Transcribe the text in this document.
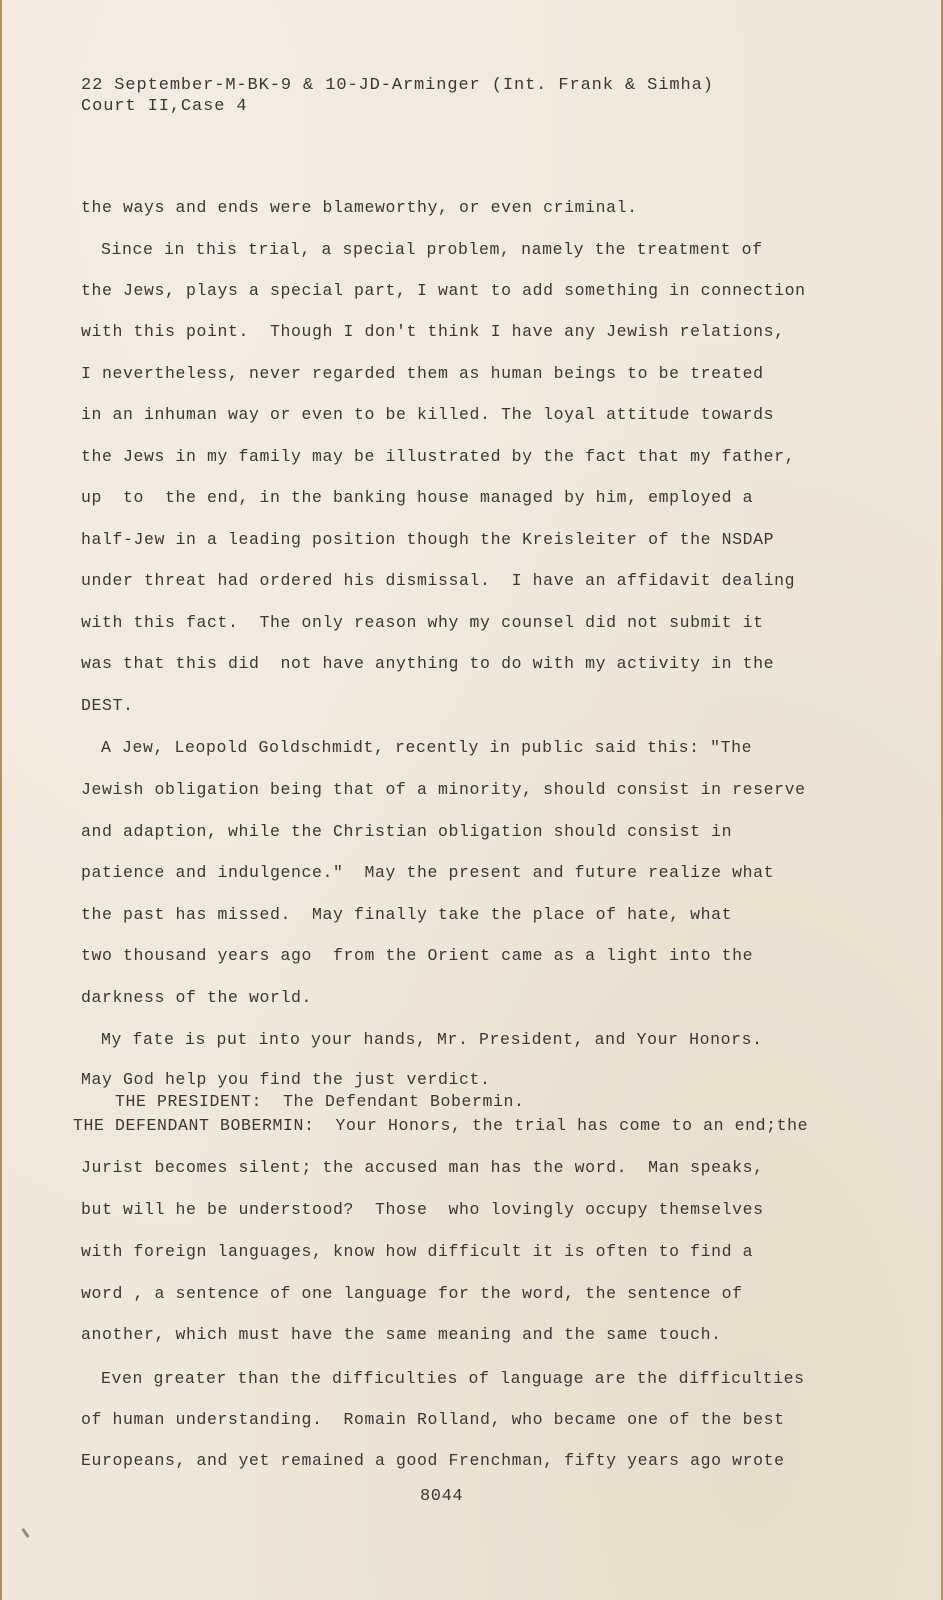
22 September-M-BK-9 & 10-JD-Arminger (Int. Frank & Simha)
Court II,Case 4
the ways and ends were blameworthy, or even criminal.
Since in this trial, a special problem, namely the treatment of
the Jews, plays a special part, I want to add something in connection
with this point.  Though I don't think I have any Jewish relations,
I nevertheless, never regarded them as human beings to be treated
in an inhuman way or even to be killed. The loyal attitude towards
the Jews in my family may be illustrated by the fact that my father,
up  to  the end, in the banking house managed by him, employed a
half-Jew in a leading position though the Kreisleiter of the NSDAP
under threat had ordered his dismissal.  I have an affidavit dealing
with this fact.  The only reason why my counsel did not submit it
was that this did  not have anything to do with my activity in the
DEST.
A Jew, Leopold Goldschmidt, recently in public said this: "The
Jewish obligation being that of a minority, should consist in reserve
and adaption, while the Christian obligation should consist in
patience and indulgence."  May the present and future realize what
the past has missed.  May finally take the place of hate, what
two thousand years ago  from the Orient came as a light into the
darkness of the world.
My fate is put into your hands, Mr. President, and Your Honors.
May God help you find the just verdict.
THE PRESIDENT:  The Defendant Bobermin.
THE DEFENDANT BOBERMIN:  Your Honors, the trial has come to an end;the
Jurist becomes silent; the accused man has the word.  Man speaks,
but will he be understood?  Those  who lovingly occupy themselves
with foreign languages, know how difficult it is often to find a
word , a sentence of one language for the word, the sentence of
another, which must have the same meaning and the same touch.
Even greater than the difficulties of language are the difficulties
of human understanding.  Romain Rolland, who became one of the best
Europeans, and yet remained a good Frenchman, fifty years ago wrote
8044
